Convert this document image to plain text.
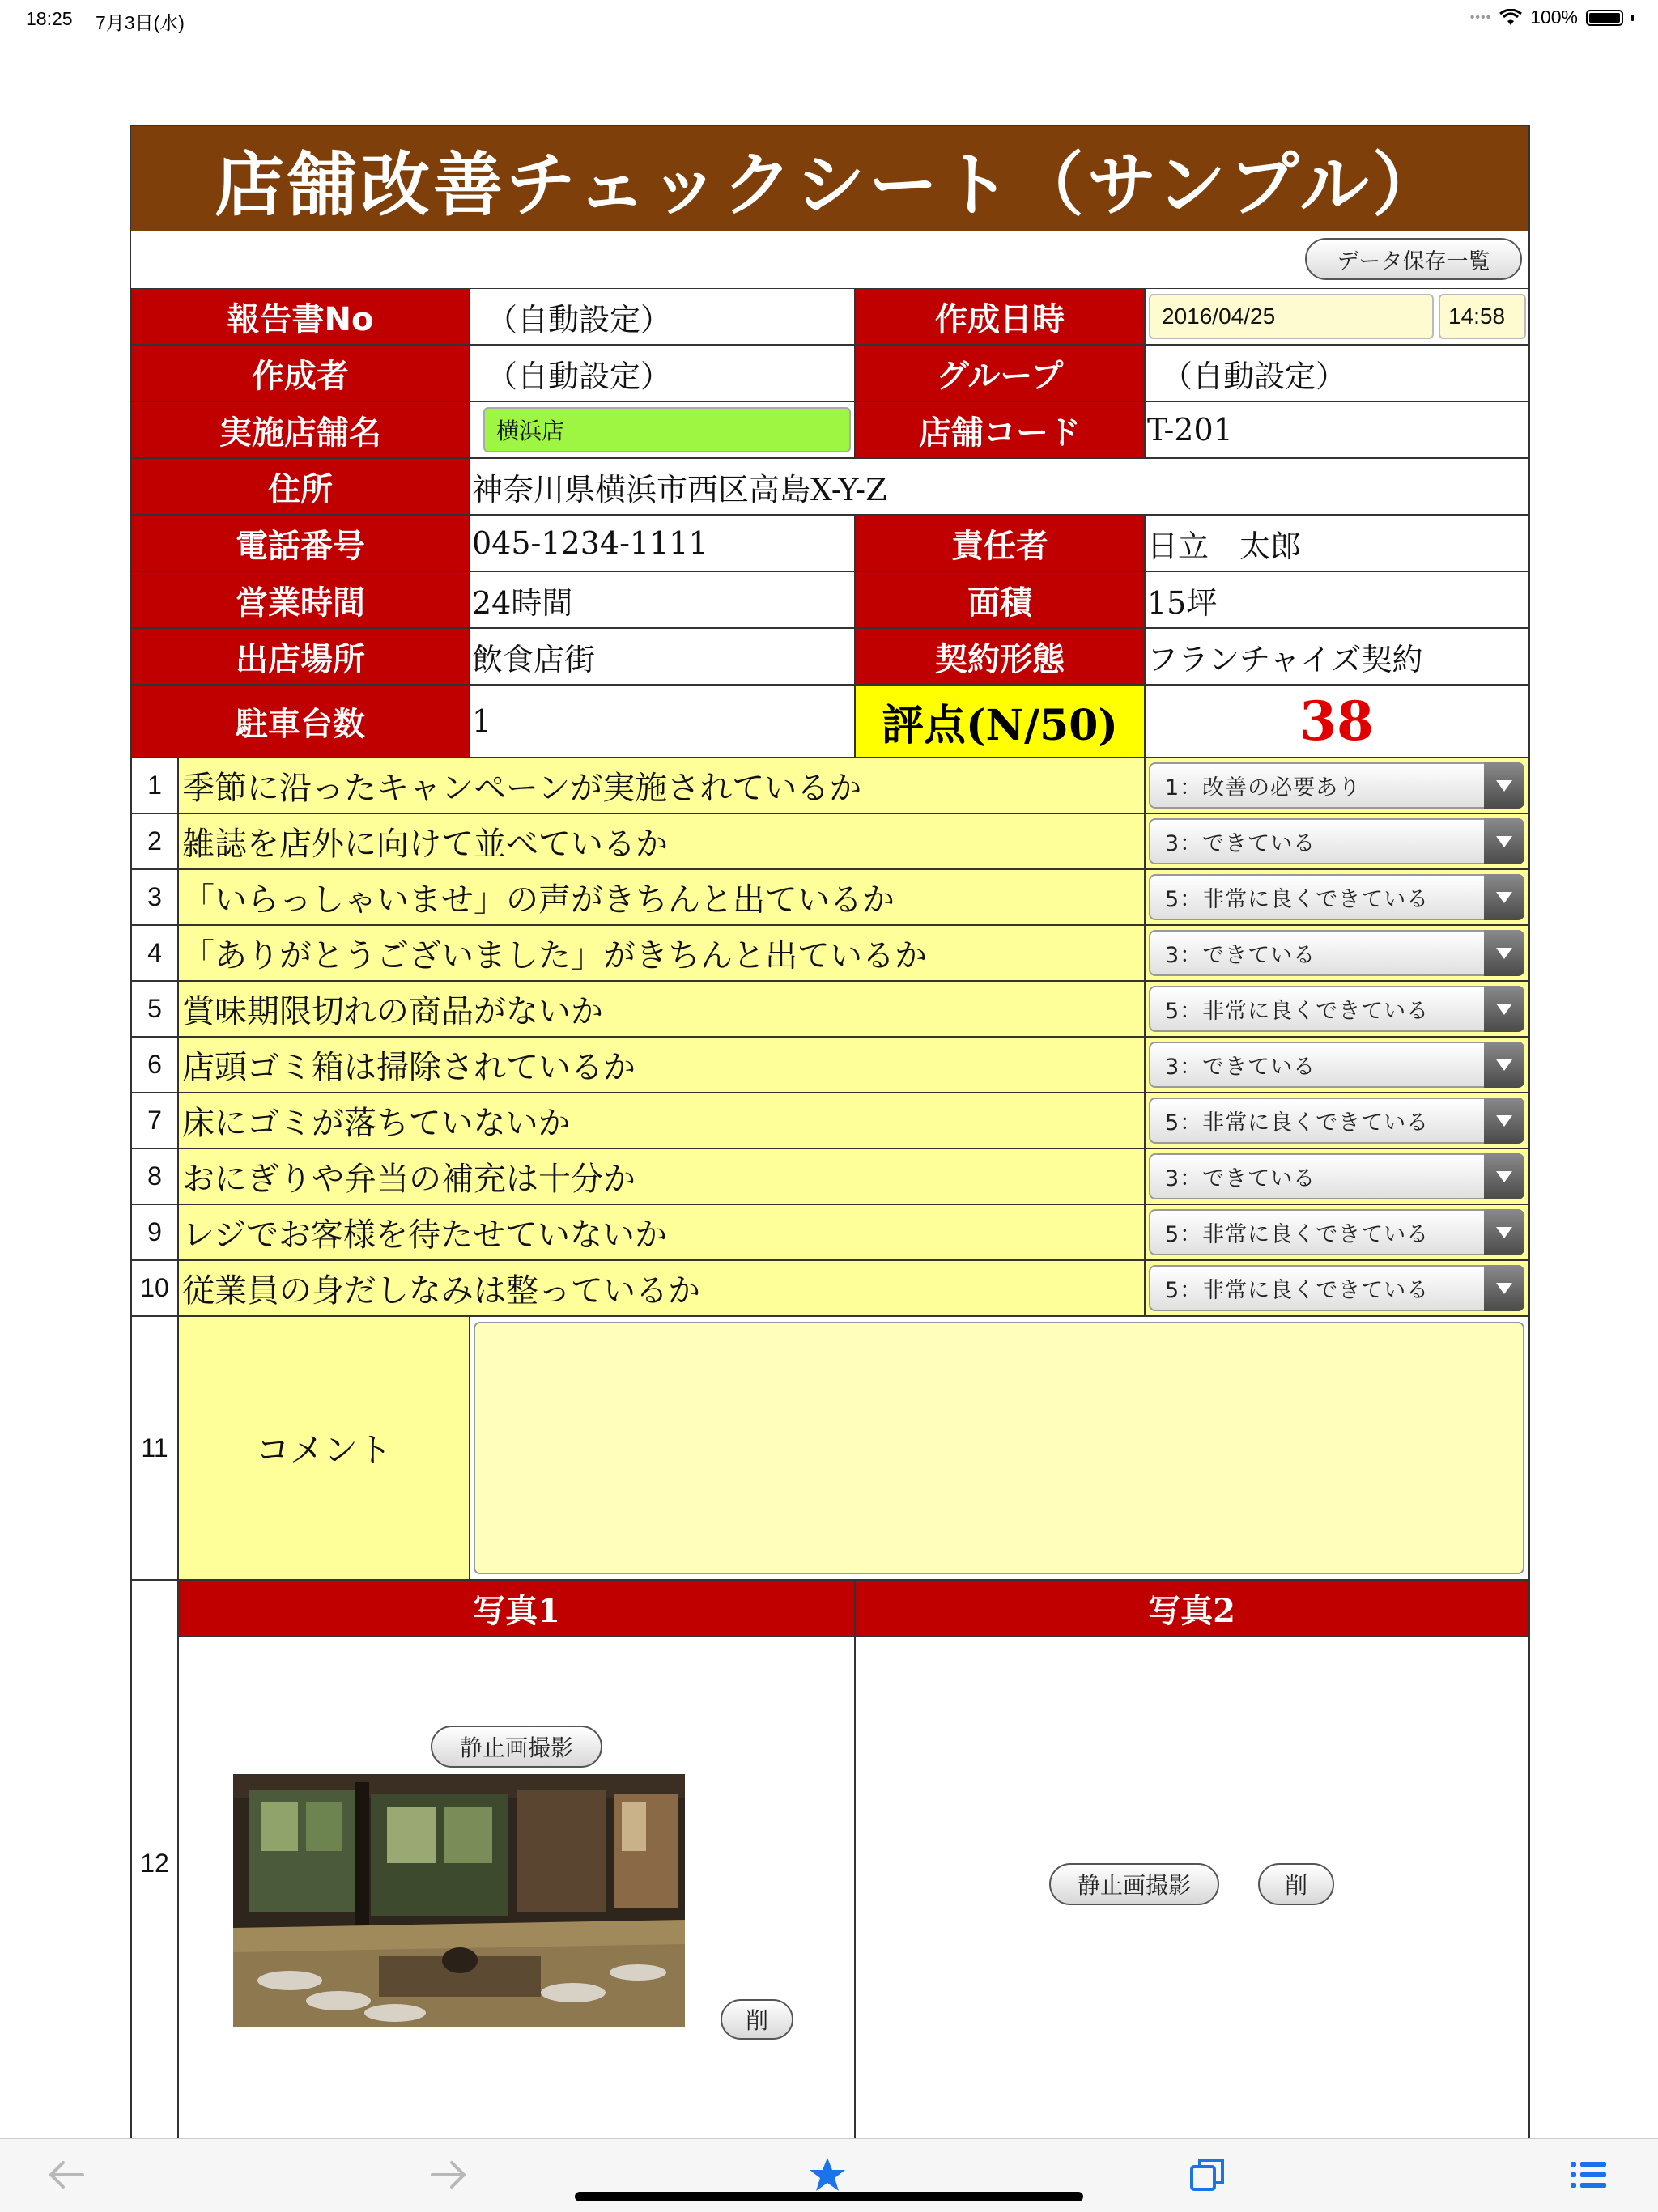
18:25 7月3日(水)	•••• 100%
店舗改善チェックシート（サンプル）
データ保存一覧
報告書No	（自動設定）	作成日時	2016/04/25	14:58
作成者	（自動設定）	グループ	（自動設定）
実施店舗名	横浜店	店舗コード	T-201
住所	神奈川県横浜市西区高島X-Y-Z
電話番号	045-1234-1111	責任者	日立　太郎
営業時間	24時間	面積	15坪
出店場所	飲食店街	契約形態	フランチャイズ契約
駐車台数	1	評点(N/50)	38
1 季節に沿ったキャンペーンが実施されているか	1：改善の必要あり
2 雑誌を店外に向けて並べているか	3：できている
3 「いらっしゃいませ」の声がきちんと出ているか	5：非常に良くできている
4 「ありがとうございました」がきちんと出ているか	3：できている
5 賞味期限切れの商品がないか	5：非常に良くできている
6 店頭ゴミ箱は掃除されているか	3：できている
7 床にゴミが落ちていないか	5：非常に良くできている
8 おにぎりや弁当の補充は十分か	3：できている
9 レジでお客様を待たせていないか	5：非常に良くできている
10 従業員の身だしなみは整っているか	5：非常に良くできている
11	コメント
12
写真1	写真2
静止画撮影
削
静止画撮影	削
